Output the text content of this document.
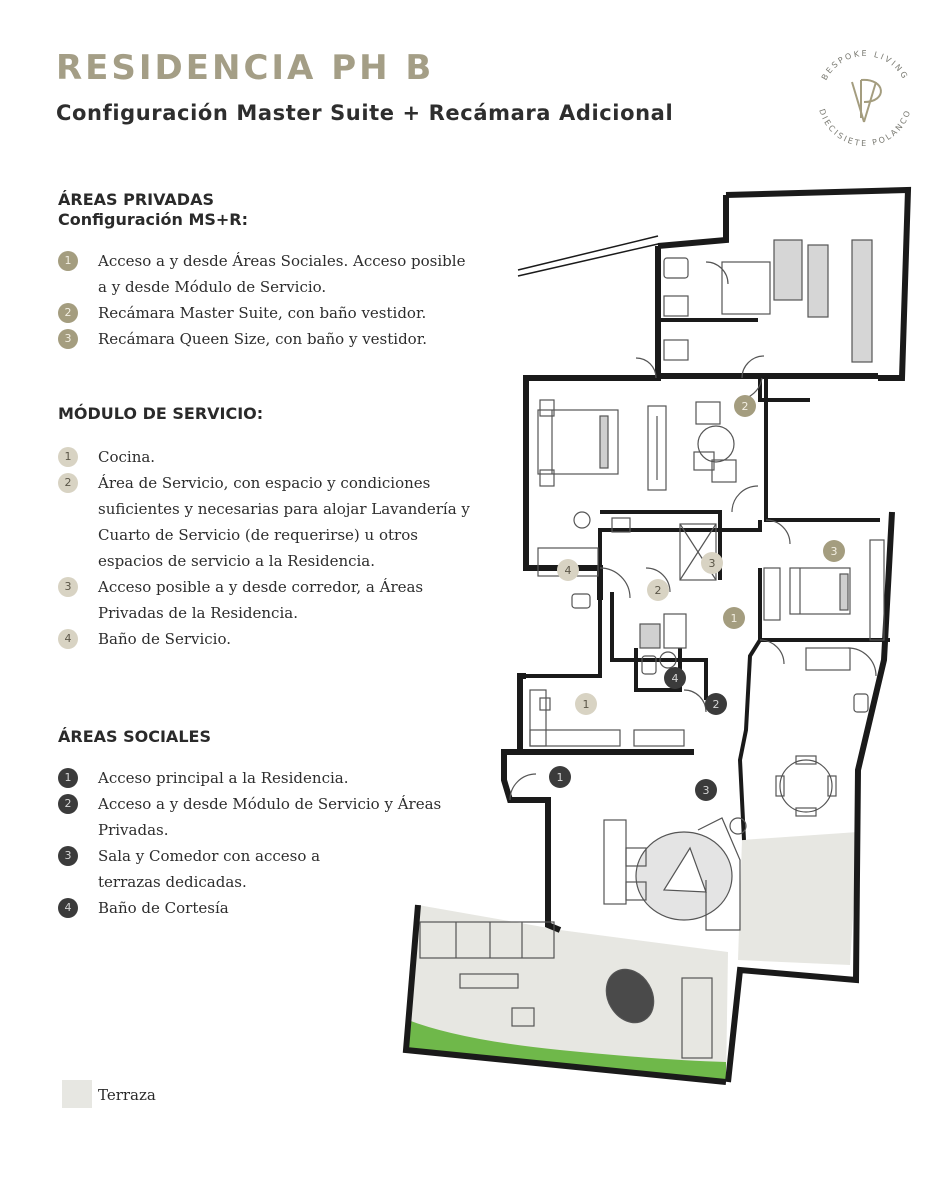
RESIDENCIA PH B
Configuración Master Suite + Recámara Adicional
BESPOKE LIVING
DIECISIETE POLANCO
ÁREAS PRIVADAS
Configuración MS+R:
1	Acceso a y desde Áreas Sociales. Acceso posible a y desde Módulo de Servicio.
2	Recámara Master Suite, con baño vestidor.
3	Recámara Queen Size, con baño y vestidor.
MÓDULO DE SERVICIO:
1	Cocina.
2	Área de Servicio, con espacio y condiciones suficientes y necesarias para alojar Lavandería y Cuarto de Servicio (de requerirse) u otros espacios de servicio a la Residencia.
3	Acceso posible a y desde corredor, a Áreas Privadas de la Residencia.
4	Baño de Servicio.
ÁREAS SOCIALES
1	Acceso principal a la Residencia.
2	Acceso a y desde Módulo de Servicio y Áreas Privadas.
3	Sala y Comedor con acceso a terrazas dedicadas.
4	Baño de Cortesía
Terraza
2
3
1
4
2
3
1
4
2
1
3
